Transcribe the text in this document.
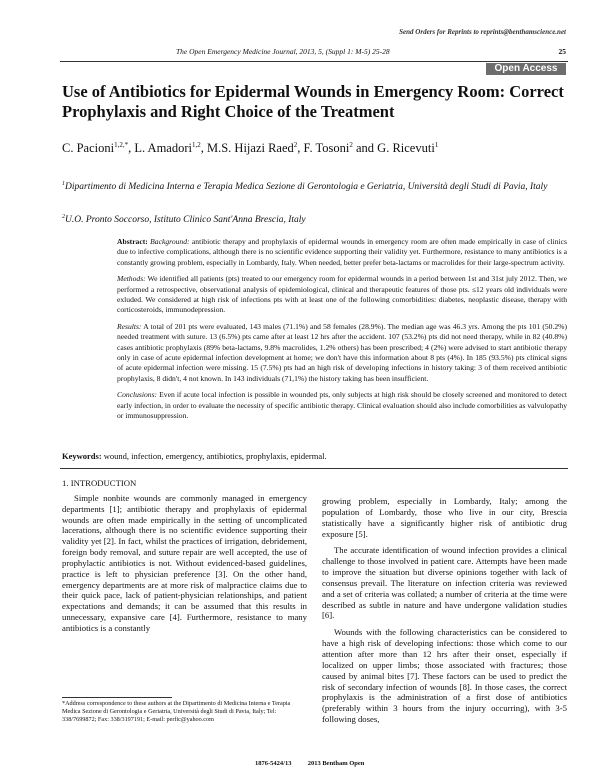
Send Orders for Reprints to reprints@benthamscience.net
The Open Emergency Medicine Journal, 2013, 5, (Suppl 1: M-5) 25-28	25
Open Access
Use of Antibiotics for Epidermal Wounds in Emergency Room: Correct Prophylaxis and Right Choice of the Treatment
C. Pacioni$^{1,2,*}$, L. Amadori$^{1,2}$, M.S. Hijazi Raed$^2$, F. Tosoni$^2$ and G. Ricevuti$^1$
$^1$Dipartimento di Medicina Interna e Terapia Medica Sezione di Gerontologia e Geriatria, Università degli Studi di Pavia, Italy
$^2$U.O. Pronto Soccorso, Istituto Clinico Sant'Anna Brescia, Italy

Abstract: Background: antibiotic therapy and prophylaxis of epidermal wounds in emergency room are often made empirically in case of clinics due to infective complications, although there is no scientific evidence supporting their validity yet. Furthermore, resistance to many antibiotics is a constantly growing problem, especially in Lombardy, Italy. When needed, better prefer beta-lactams or macrolides for their large-spectrum activity.

Methods: We identified all patients (pts) treated to our emergency room for epidermal wounds in a period between 1st and 31st july 2012. Then, we performed a retrospective, observational analysis of epidemiological, clinical and therapeutic features of those pts. ≤12 years old individuals were exluded. We considered at high risk of infections pts with at least one of the following comorbidities: diabetes, neoplastic disease, therapy with corticosteroids, immunodepression.

Results: A total of 201 pts were evaluated, 143 males (71.1%) and 58 females (28.9%). The median age was 46.3 yrs. Among the pts 101 (50.2%) needed treatment with suture. 13 (6.5%) pts came after at least 12 hrs after the accident. 107 (53.2%) pts did not need therapy, while in 82 (40.8%) cases antibiotic prophylaxis (89% beta-lactams, 9.8% macrolides, 1.2% others) has been prescribed; 4 (2%) were advised to start antibiotic therapy only in case of acute epidermal infection development at home; we don't have this information about 8 pts (4%). In 185 (93.5%) pts clinical signs of acute epidermal infection were missing. 15 (7.5%) pts had an high risk of developing infections in history taking: 3 of them received antibiotic prophylaxis, 8 didn't, 4 not known. In 143 individuals (71,1%) the history taking has been insufficient.

Conclusions: Even if acute local infection is possible in wounded pts, only subjects at high risk should be closely screened and monitored to detect early infection, in order to evaluate the necessity of specific antibiotic therapy. Clinical evaluation should also include comorbilities as valvulopathy or immunosuppression.

Keywords: wound, infection, emergency, antibiotics, prophylaxis, epidermal.
1. INTRODUCTION

Simple nonbite wounds are commonly managed in emergency departments [1]; antibiotic therapy and prophylaxis of epidermal wounds are often made empirically in the setting of uncomplicated lacerations, although there is no scientific evidence supporting their validity yet [2]. In fact, whilst the practices of irrigation, debridement, foreign body removal, and suture repair are well accepted, the use of prophylactic antibiotics is not. Without evidenced-based guidelines, practice is left to physician preference [3]. On the other hand, emergency departments are at more risk of malpractice claims due to their quick pace, lack of patient-physician relationships, and patient expectations and demands; it can be assumed that this results in unnecessary, expansive care [4]. Furthermore, resistance to many antibiotics is a constantly

growing problem, especially in Lombardy, Italy; among the population of Lombardy, those who live in our city, Brescia statistically have a significantly higher risk of antibiotic drug exposure [5].

The accurate identification of wound infection provides a clinical challenge to those involved in patient care. Attempts have been made to improve the situation but diverse opinions together with lack of consensus prevail. The literature on infection criteria was reviewed and a set of criteria was collated; a number of criteria at the time were described as subtle in nature and have undergone validation studies [6].

Wounds with the following characteristics can be considered to have a high risk of developing infections: those which come to our attention after more than 12 hrs after their onset, especially if localized on upper limbs; those associated with fractures; those caused by animal bites [7]. These factors can be used to predict the risk of secondary infection of wounds [8]. In those cases, the correct prophylaxis is the administration of a first dose of antibiotics (preferably within 3 hours from the injury occurring), with 3-5 following doses,

*Address correspondence to these authors at the Dipartimento di Medicina Interna e Terapia Medica Sezione di Gerontologia e Geriatria, Università degli Studi di Pavia, Italy; Tel: 338/7699872; Fax: 338/3197191; E-mail: perfic@yahoo.com
1876-5424/13          2013 Bentham Open
